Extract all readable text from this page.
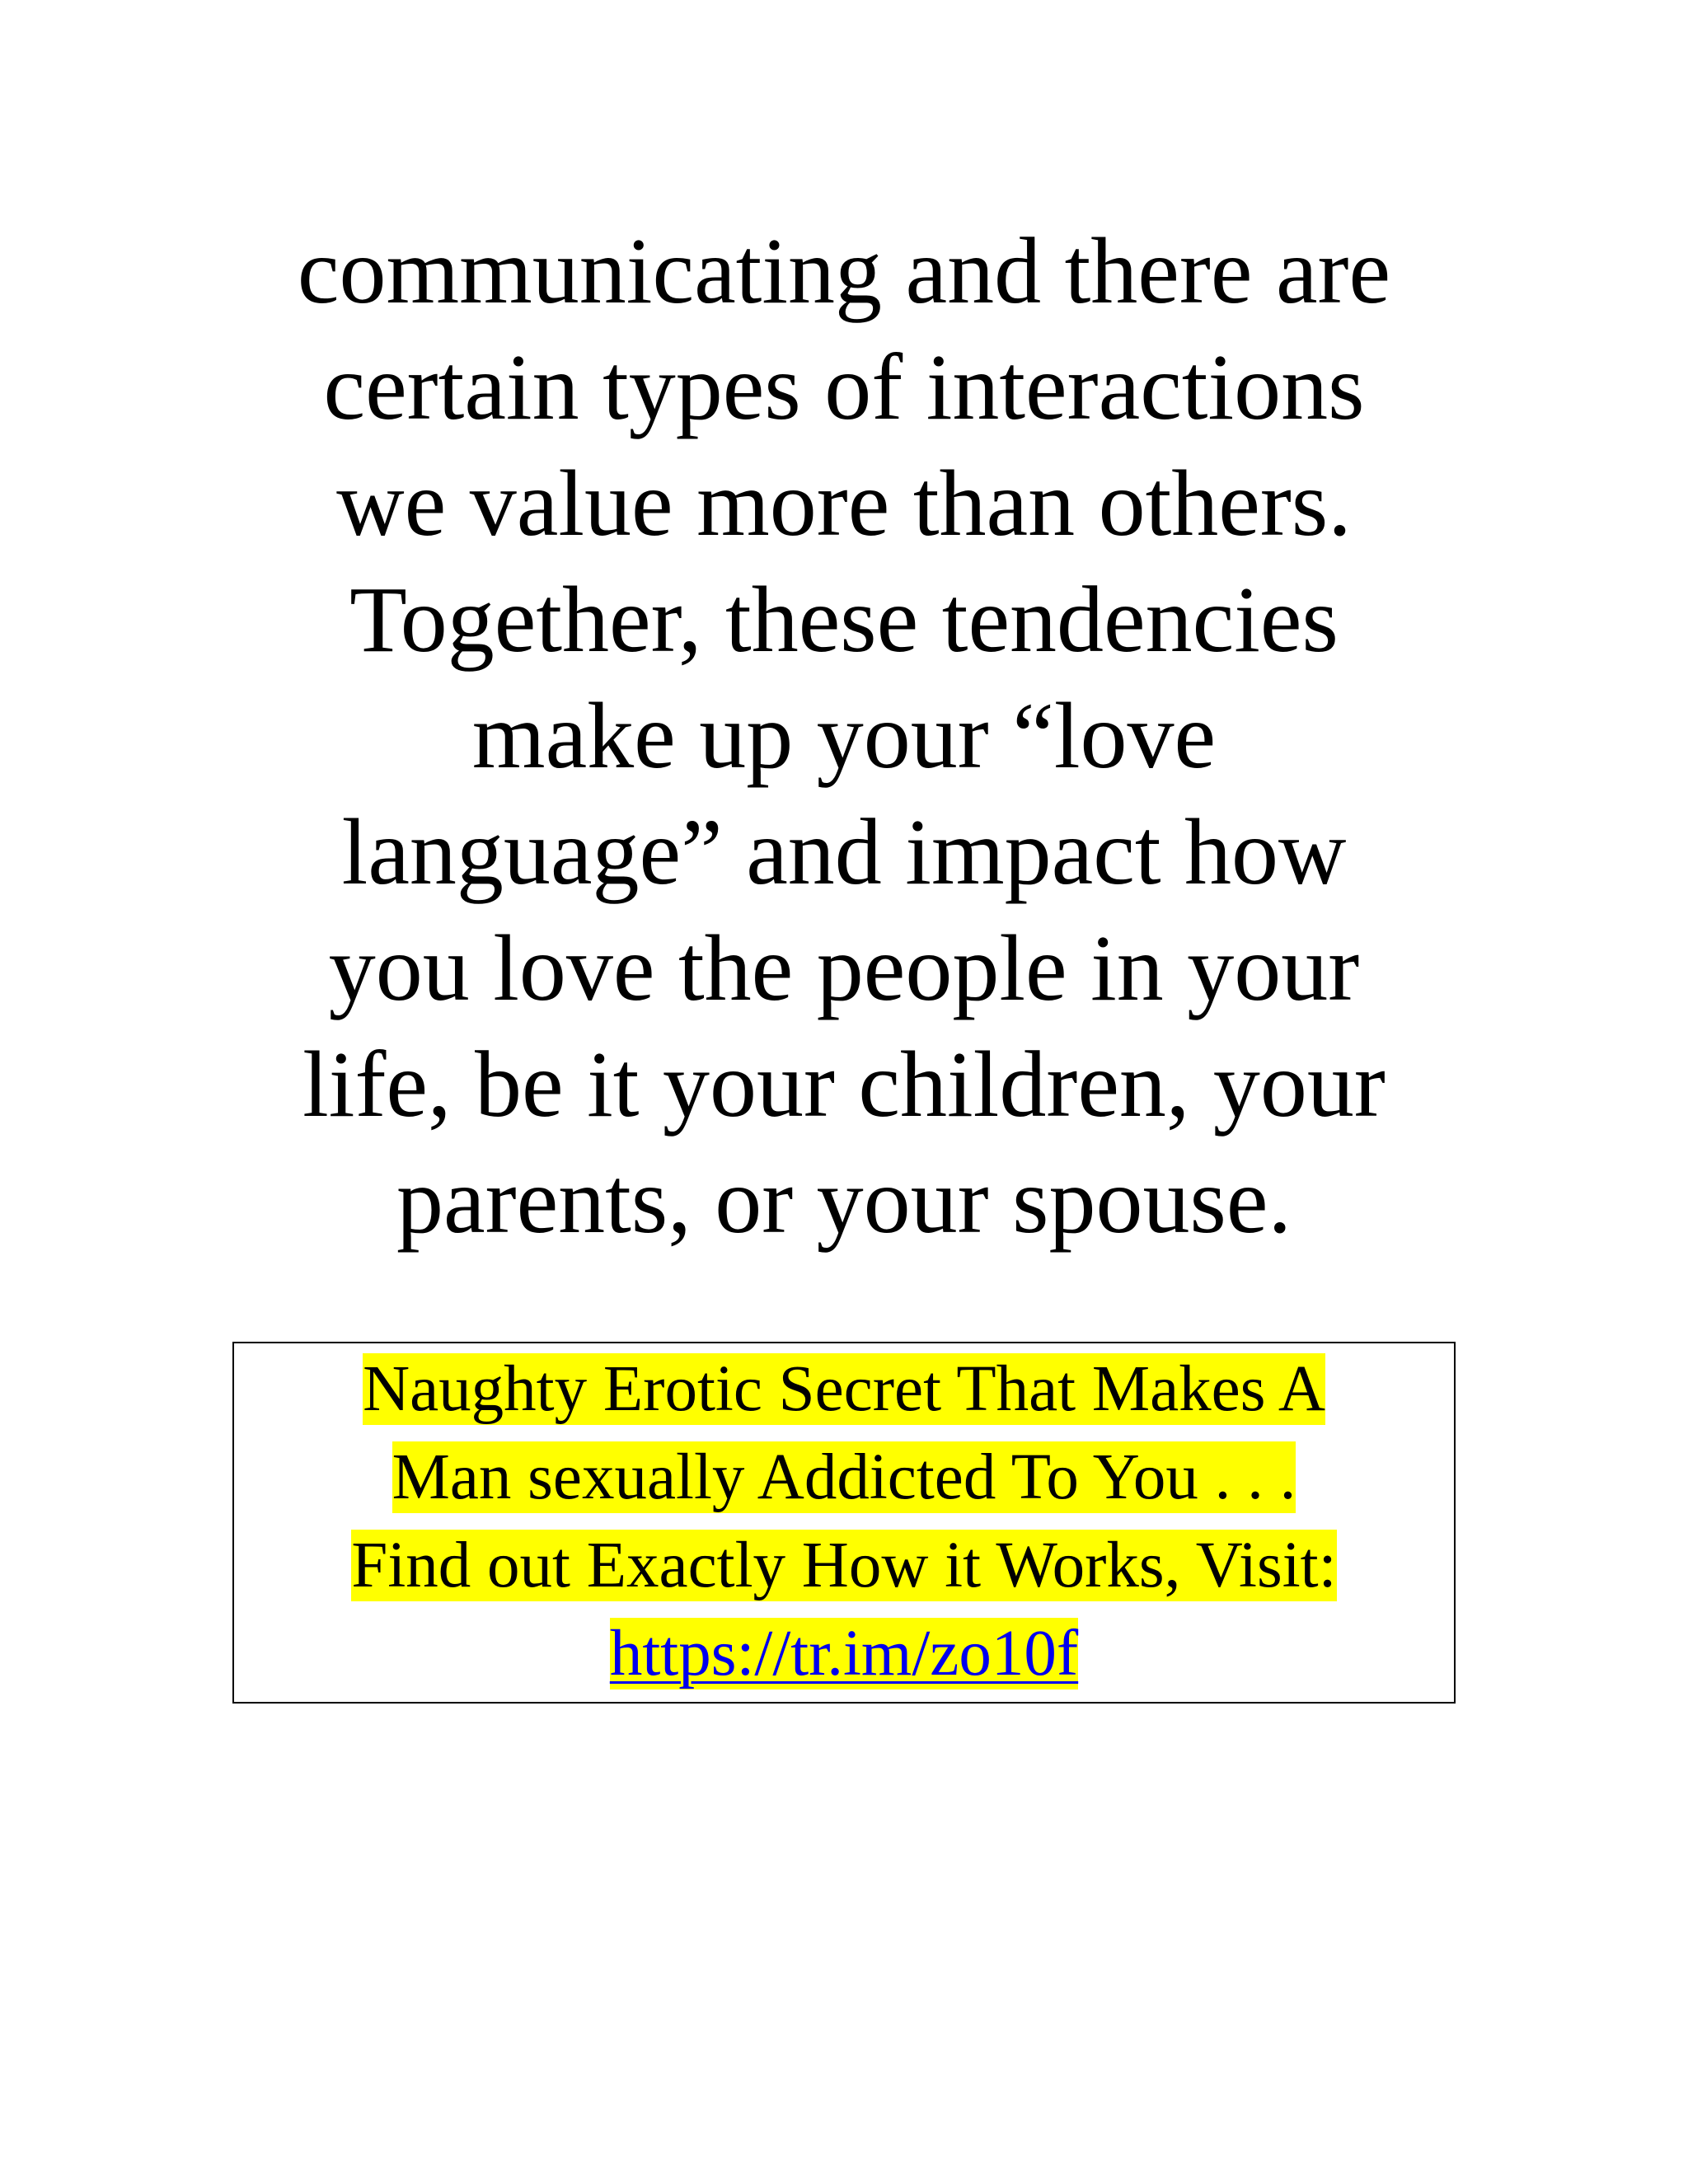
communicating and there are
certain types of interactions
we value more than others.
Together, these tendencies
make up your “love
language” and impact how
you love the people in your
life, be it your children, your
parents, or your spouse.
Naughty Erotic Secret That Makes A
Man sexually Addicted To You . . .
Find out Exactly How it Works, Visit:
https://tr.im/zo10f
